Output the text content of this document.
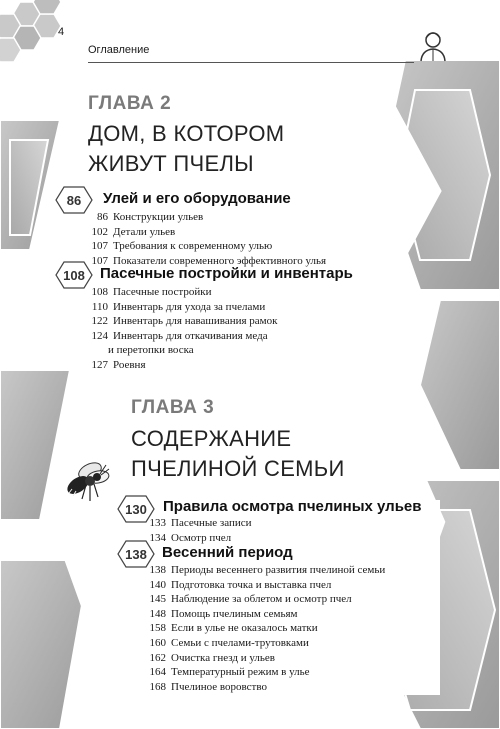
4
Оглавление
ГЛАВА 2
ДОМ, В КОТОРОМ
ЖИВУТ ПЧЕЛЫ
86 Улей и его оборудование
86 Конструкции ульев
102 Детали ульев
107 Требования к современному улью
107 Показатели современного эффективного улья
108 Пасечные постройки и инвентарь
108 Пасечные постройки
110 Инвентарь для ухода за пчелами
122 Инвентарь для навашивания рамок
124 Инвентарь для откачивания меда
и перетопки воска
127 Роевня
ГЛАВА 3
СОДЕРЖАНИЕ
ПЧЕЛИНОЙ СЕМЬИ
130 Правила осмотра пчелиных ульев
133 Пасечные записи
134 Осмотр пчел
138 Весенний период
138 Периоды весеннего развития пчелиной семьи
140 Подготовка точка и выставка пчел
145 Наблюдение за облетом и осмотр пчел
148 Помощь пчелиным семьям
158 Если в улье не оказалось матки
160 Семьи с пчелами-трутовками
162 Очистка гнезд и ульев
164 Температурный режим в улье
168 Пчелиное воровство
